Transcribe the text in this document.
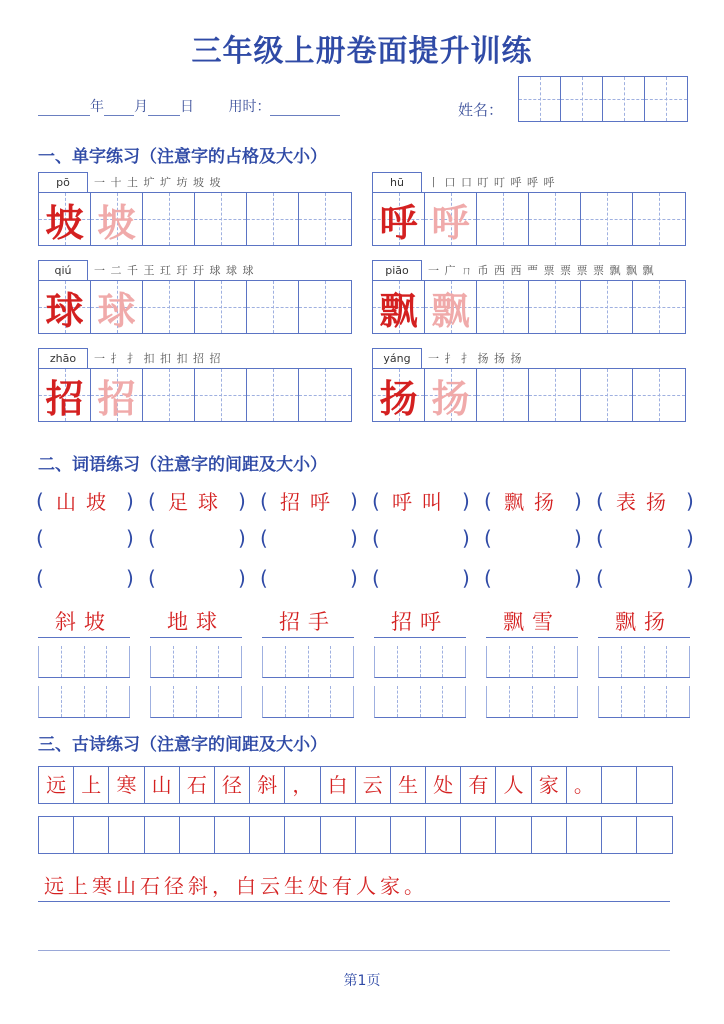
三年级上册卷面提升训练
年 月 日 用时：	姓名：
一、单字练习（注意字的占格及大小）
pō	一 十 土 圹 圹 坊 坡 坡
坡 坡
hū	丨 口 口 叮 叮 呼 呼 呼
呼 呼
qiú	一 二 千 王 玒 玗 玗 球 球 球
球 球
piāo	一 广 ㄇ 币 西 西 覀 票 票 票 票 飘 飘 飘
飘 飘
zhāo	一 扌 扌 扣 扣 扣 招 招
招 招
yáng	一 扌 扌 扬 扬 扬
扬 扬
二、词语练习（注意字的间距及大小）
( 山坡 ) ( 足球 ) ( 招呼 ) ( 呼叫 ) ( 飘扬 ) ( 表扬 )
(	) (	) (	) (	) (	) (	)
(	) (	) (	) (	) (	) (	)
斜坡	地球	招手	招呼	飘雪	飘扬
三、古诗练习（注意字的间距及大小）
远 上 寒 山 石 径 斜 ， 白 云 生 处 有 人 家 。
远上寒山石径斜，白云生处有人家。
第1页
